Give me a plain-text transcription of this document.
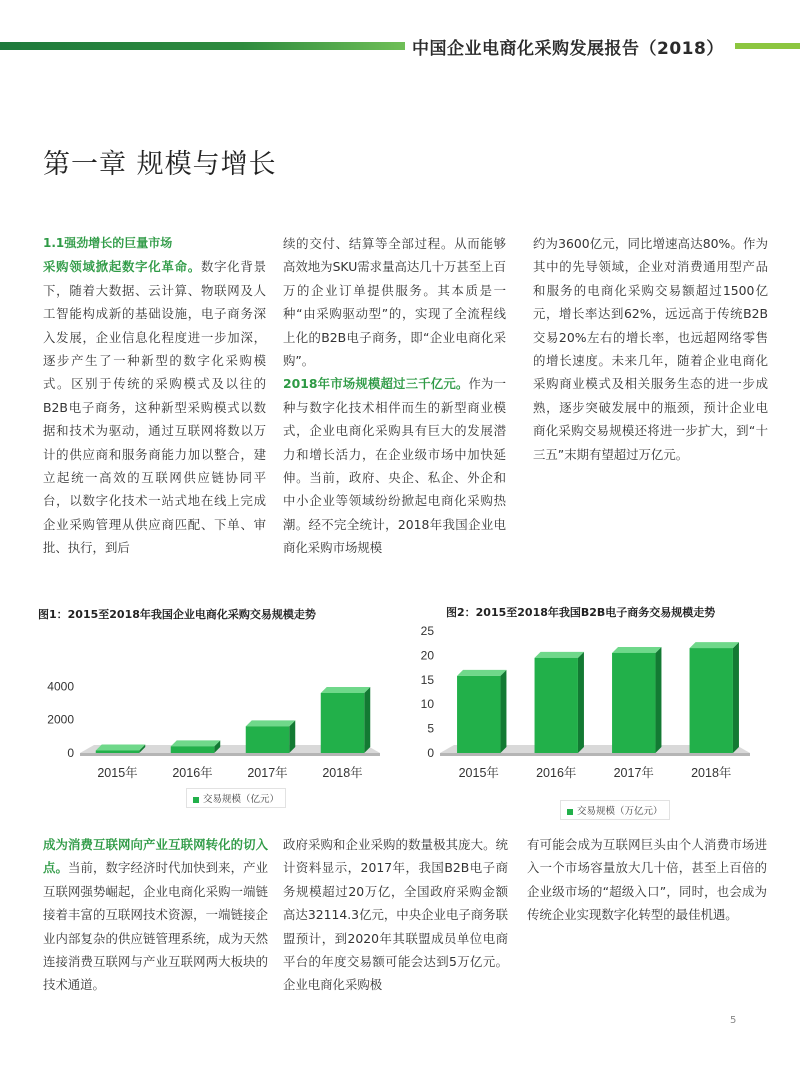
中国企业电商化采购发展报告（2018）
第一章 规模与增长
1.1强劲增长的巨量市场
采购领域掀起数字化革命。数字化背景下，随着大数据、云计算、物联网及人工智能构成新的基础设施，电子商务深入发展，企业信息化程度进一步加深，逐步产生了一种新型的数字化采购模式。区别于传统的采购模式及以往的B2B电子商务，这种新型采购模式以数据和技术为驱动，通过互联网将数以万计的供应商和服务商能力加以整合，建立起统一高效的互联网供应链协同平台，以数字化技术一站式地在线上完成企业采购管理从供应商匹配、下单、审批、执行，到后
续的交付、结算等全部过程。从而能够高效地为SKU需求量高达几十万甚至上百万的企业订单提供服务。其本质是一种“由采购驱动型”的，实现了全流程线上化的B2B电子商务，即“企业电商化采购”。
2018年市场规模超过三千亿元。作为一种与数字化技术相伴而生的新型商业模式，企业电商化采购具有巨大的发展潜力和增长活力，在企业级市场中加快延伸。当前，政府、央企、私企、外企和中小企业等领域纷纷掀起电商化采购热潮。经不完全统计，2018年我国企业电商化采购市场规模
约为3600亿元，同比增速高达80%。作为其中的先导领域，企业对消费通用型产品和服务的电商化采购交易额超过1500亿元，增长率达到62%，远远高于传统B2B交易20%左右的增长率，也远超网络零售的增长速度。未来几年，随着企业电商化采购商业模式及相关服务生态的进一步成熟，逐步突破发展中的瓶颈，预计企业电商化采购交易规模还将进一步扩大，到“十三五”末期有望超过万亿元。
图1：2015至2018年我国企业电商化采购交易规模走势
0
2000
4000
2015年	2016年	2017年	2018年
交易规模（亿元）
图2：2015至2018年我国B2B电子商务交易规模走势
0
5
10
15
20
25
2015年	2016年	2017年	2018年
交易规模（万亿元）
成为消费互联网向产业互联网转化的切入点。当前，数字经济时代加快到来，产业互联网强势崛起，企业电商化采购一端链接着丰富的互联网技术资源，一端链接企业内部复杂的供应链管理系统，成为天然连接消费互联网与产业互联网两大板块的技术通道。
政府采购和企业采购的数量极其庞大。统计资料显示，2017年，我国B2B电子商务规模超过20万亿，全国政府采购金额高达32114.3亿元，中央企业电子商务联盟预计，到2020年其联盟成员单位电商平台的年度交易额可能会达到5万亿元。企业电商化采购极
有可能会成为互联网巨头由个人消费市场进入一个市场容量放大几十倍，甚至上百倍的企业级市场的“超级入口”，同时，也会成为传统企业实现数字化转型的最佳机遇。
5
